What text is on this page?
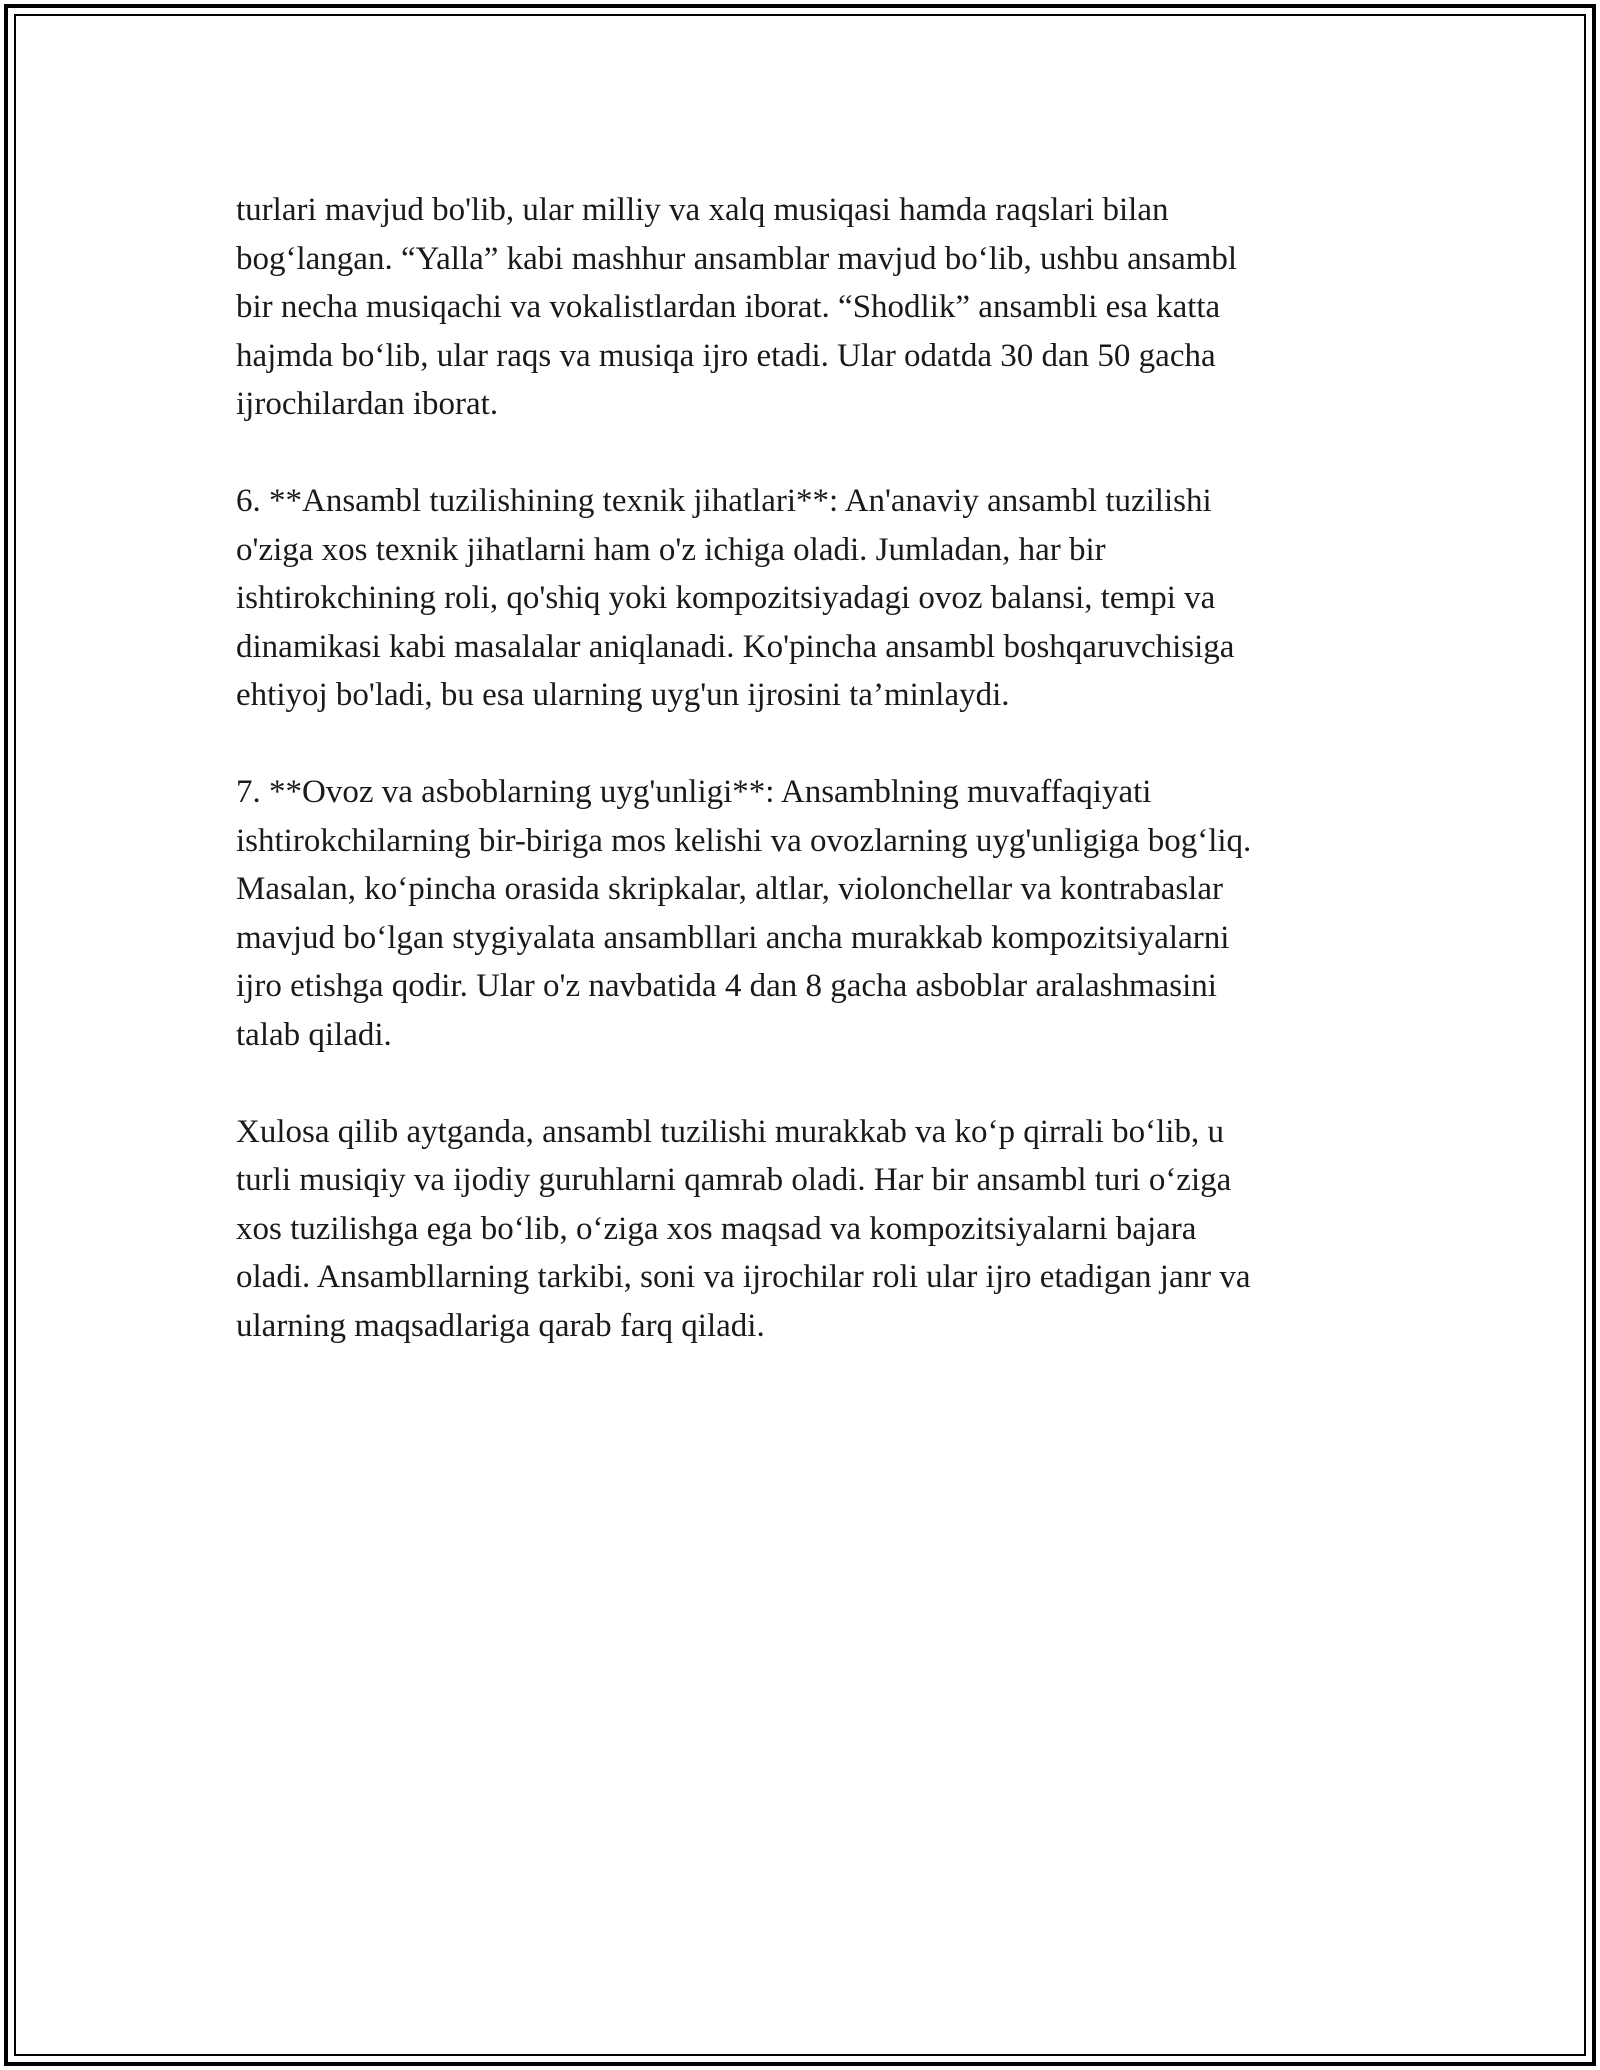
turlari mavjud bo'lib, ular milliy va xalq musiqasi hamda raqslari bilan
bog‘langan. “Yalla” kabi mashhur ansamblar mavjud bo‘lib, ushbu ansambl
bir necha musiqachi va vokalistlardan iborat. “Shodlik” ansambli esa katta
hajmda bo‘lib, ular raqs va musiqa ijro etadi. Ular odatda 30 dan 50 gacha
ijrochilardan iborat.

6. **Ansambl tuzilishining texnik jihatlari**: An'anaviy ansambl tuzilishi
o'ziga xos texnik jihatlarni ham o'z ichiga oladi. Jumladan, har bir
ishtirokchining roli, qo'shiq yoki kompozitsiyadagi ovoz balansi, tempi va
dinamikasi kabi masalalar aniqlanadi. Ko'pincha ansambl boshqaruvchisiga
ehtiyoj bo'ladi, bu esa ularning uyg'un ijrosini ta’minlaydi.

7. **Ovoz va asboblarning uyg'unligi**: Ansamblning muvaffaqiyati
ishtirokchilarning bir-biriga mos kelishi va ovozlarning uyg'unligiga bog‘liq.
Masalan, ko‘pincha orasida skripkalar, altlar, violonchellar va kontrabaslar
mavjud bo‘lgan stygiyalata ansambllari ancha murakkab kompozitsiyalarni
ijro etishga qodir. Ular o'z navbatida 4 dan 8 gacha asboblar aralashmasini
talab qiladi.

Xulosa qilib aytganda, ansambl tuzilishi murakkab va ko‘p qirrali bo‘lib, u
turli musiqiy va ijodiy guruhlarni qamrab oladi. Har bir ansambl turi o‘ziga
xos tuzilishga ega bo‘lib, o‘ziga xos maqsad va kompozitsiyalarni bajara
oladi. Ansambllarning tarkibi, soni va ijrochilar roli ular ijro etadigan janr va
ularning maqsadlariga qarab farq qiladi.
